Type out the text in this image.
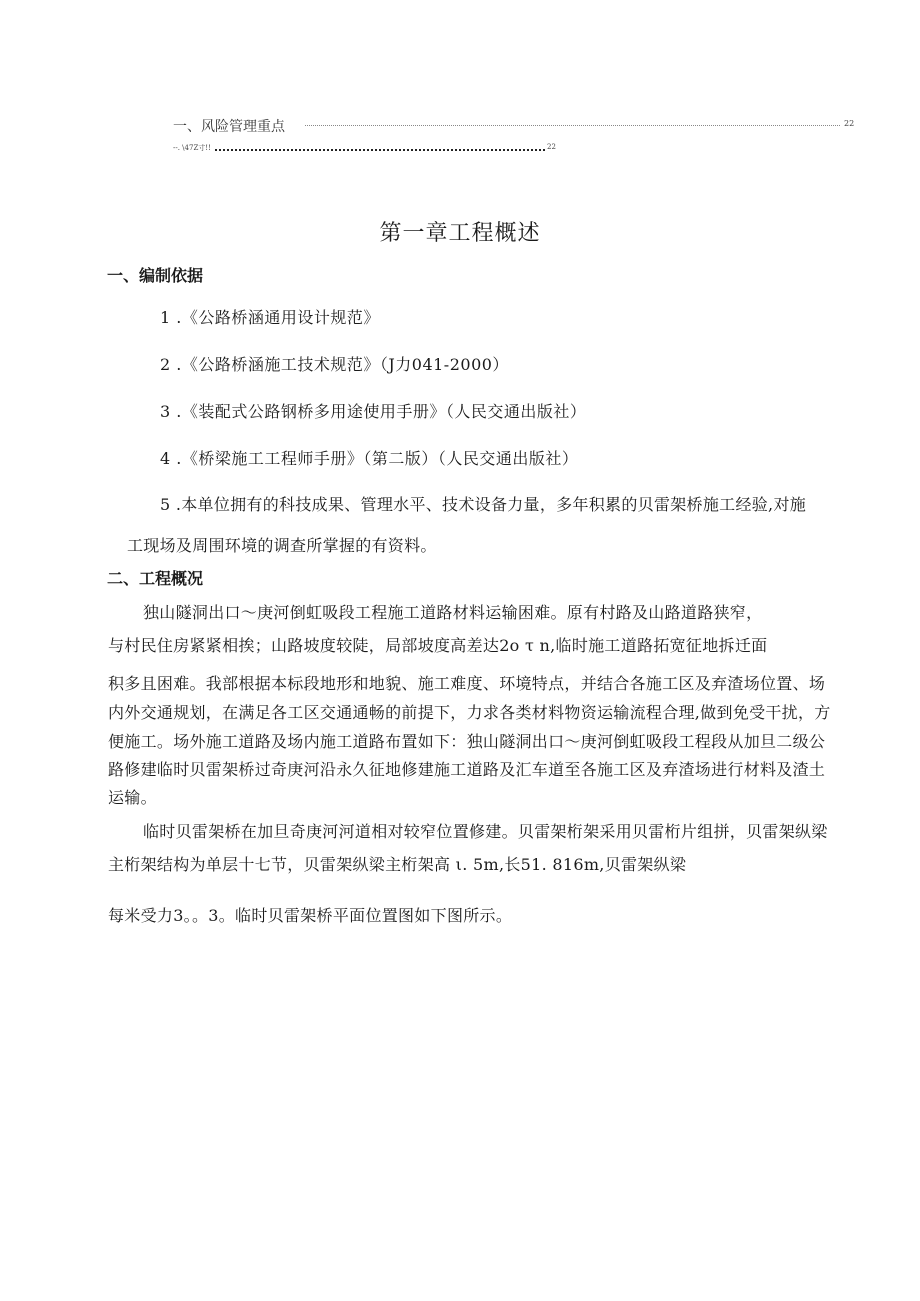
一、风险管理重点	22
--. \47Z寸!!	22
第一章工程概述
一、编制依据
1 .《公路桥涵通用设计规范》
2 .《公路桥涵施工技术规范》（J力041-2000）
3 .《装配式公路钢桥多用途使用手册》（人民交通出版社）
4 .《桥梁施工工程师手册》（第二版）（人民交通出版社）
5 .本单位拥有的科技成果、管理水平、技术设备力量，多年积累的贝雷架桥施工经验,对施
工现场及周围环境的调查所掌握的有资料。
二、工程概况
独山隧洞出口～庚河倒虹吸段工程施工道路材料运输困难。原有村路及山路道路狭窄，
与村民住房紧紧相挨；山路坡度较陡，局部坡度高差达2o τ n,临时施工道路拓宽征地拆迁面
积多且困难。我部根据本标段地形和地貌、施工难度、环境特点，并结合各施工区及弃渣场位置、场
内外交通规划，在满足各工区交通通畅的前提下，力求各类材料物资运输流程合理,做到免受干扰，方
便施工。场外施工道路及场内施工道路布置如下：独山隧洞出口～庚河倒虹吸段工程段从加旦二级公
路修建临时贝雷架桥过奇庚河沿永久征地修建施工道路及汇车道至各施工区及弃渣场进行材料及渣土
运输。
临时贝雷架桥在加旦奇庚河河道相对较窄位置修建。贝雷架桁架采用贝雷桁片组拼，贝雷架纵梁
主桁架结构为单层十七节，贝雷架纵梁主桁架高 ι. 5m,长51. 816m,贝雷架纵梁
每米受力3。。3。临时贝雷架桥平面位置图如下图所示。
